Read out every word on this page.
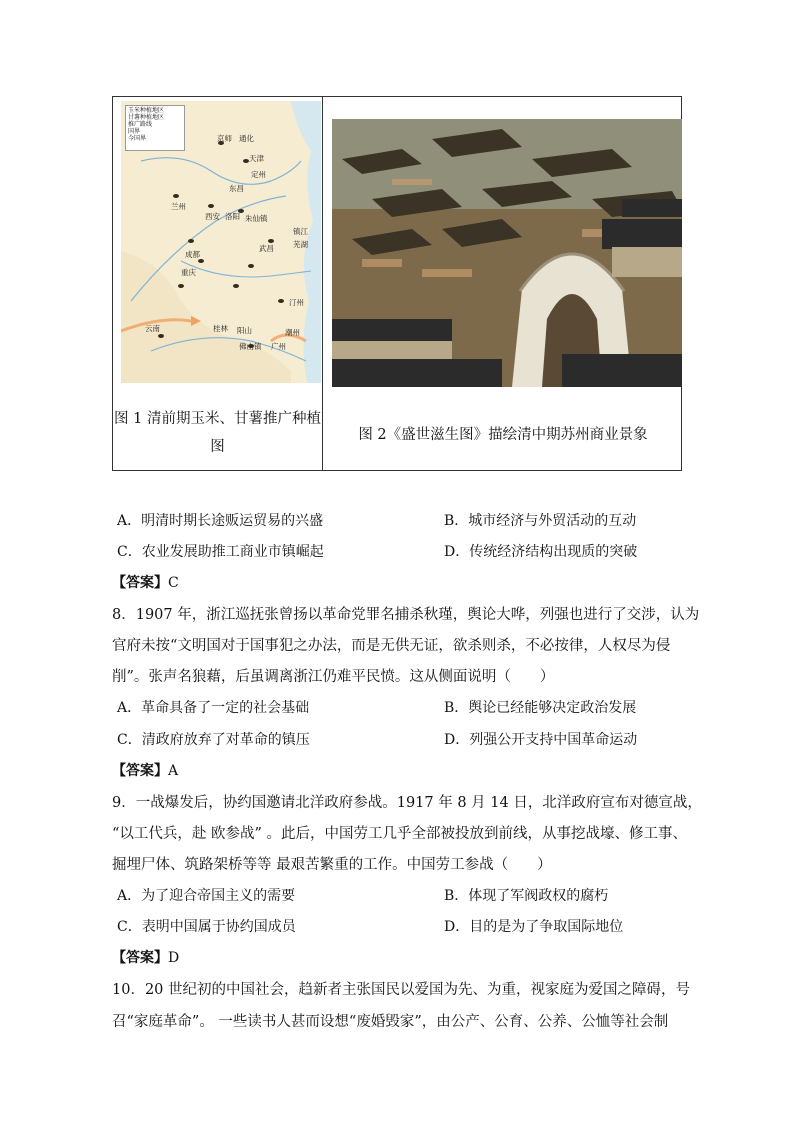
玉米种植地区
甘薯种植地区
推广路线
国界
今国界	京师 通化
天津
定州
东昌
兰州
西安 洛阳 朱仙镇
成都
重庆
武昌
镇江
芜湖
汀州
云南	桂林 阳山	潮州
佛山镇 广州
图 1 清前期玉米、甘薯推广种植图
图 2《盛世滋生图》描绘清中期苏州商业景象
A．明清时期长途贩运贸易的兴盛	B．城市经济与外贸活动的互动
C．农业发展助推工商业市镇崛起	D．传统经济结构出现质的突破
【答案】C
8．1907 年，浙江巡抚张曾扬以革命党罪名捕杀秋瑾，舆论大哗，列强也进行了交涉，认为
官府未按“文明国对于国事犯之办法，而是无供无证，欲杀则杀，不必按律，人权尽为侵
削”。张声名狼藉，后虽调离浙江仍难平民愤。这从侧面说明（　　）
A．革命具备了一定的社会基础	B．舆论已经能够决定政治发展
C．清政府放弃了对革命的镇压	D．列强公开支持中国革命运动
【答案】A
9．一战爆发后，协约国邀请北洋政府参战。1917 年 8 月 14 日，北洋政府宣布对德宣战，
“以工代兵，赴 欧参战” 。此后，中国劳工几乎全部被投放到前线，从事挖战壕、修工事、
掘埋尸体、筑路架桥等等 最艰苦繁重的工作。中国劳工参战（　　）
A．为了迎合帝国主义的需要	B．体现了军阀政权的腐朽
C．表明中国属于协约国成员	D．目的是为了争取国际地位
【答案】D
10．20 世纪初的中国社会，趋新者主张国民以爱国为先、为重，视家庭为爱国之障碍，号
召“家庭革命”。 一些读书人甚而设想“废婚毁家”，由公产、公育、公养、公恤等社会制
